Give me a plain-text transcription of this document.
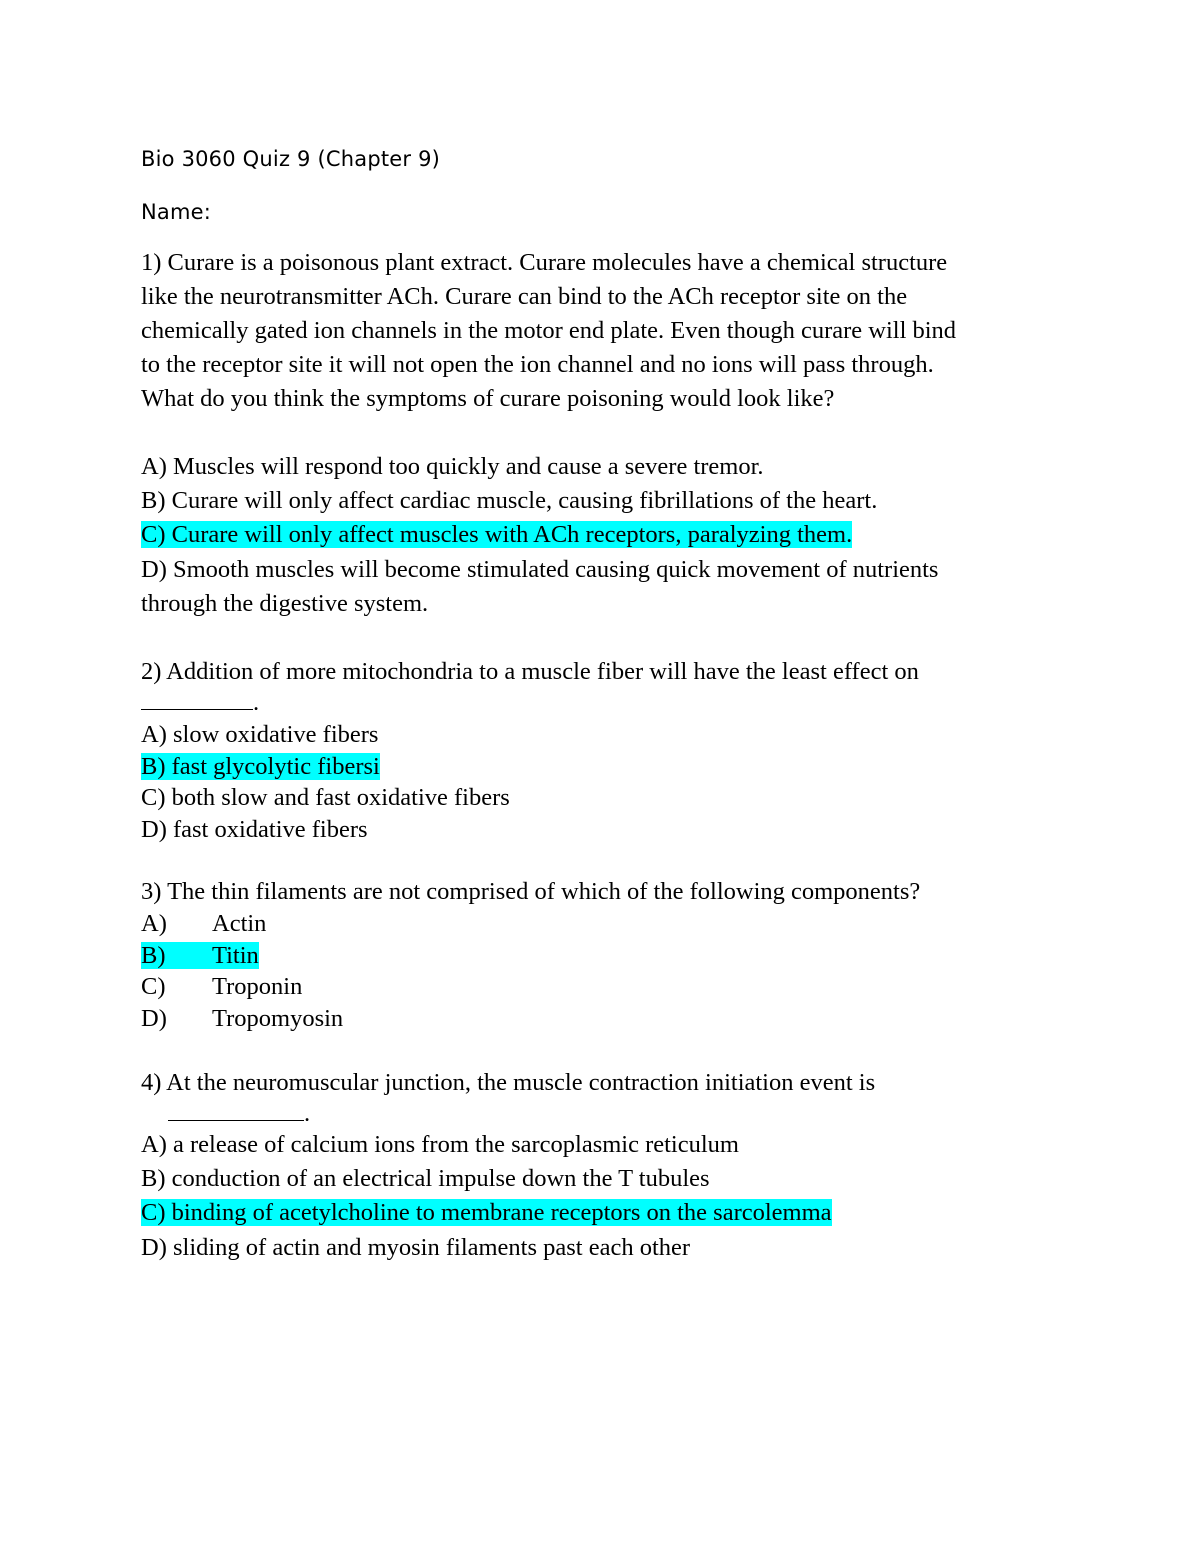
Bio 3060 Quiz 9 (Chapter 9)
Name:
1) Curare is a poisonous plant extract. Curare molecules have a chemical structure
like the neurotransmitter ACh. Curare can bind to the ACh receptor site on the
chemically gated ion channels in the motor end plate. Even though curare will bind
to the receptor site it will not open the ion channel and no ions will pass through.
What do you think the symptoms of curare poisoning would look like?
A) Muscles will respond too quickly and cause a severe tremor.
B) Curare will only affect cardiac muscle, causing fibrillations of the heart.
C) Curare will only affect muscles with ACh receptors, paralyzing them.
D) Smooth muscles will become stimulated causing quick movement of nutrients
through the digestive system.
2) Addition of more mitochondria to a muscle fiber will have the least effect on
.
A) slow oxidative fibers
B) fast glycolytic fibersi
C) both slow and fast oxidative fibers
D) fast oxidative fibers
3) The thin filaments are not comprised of which of the following components?
A) Actin
B) Titin
C) Troponin
D) Tropomyosin
4) At the neuromuscular junction, the muscle contraction initiation event is
.
A) a release of calcium ions from the sarcoplasmic reticulum
B) conduction of an electrical impulse down the T tubules
C) binding of acetylcholine to membrane receptors on the sarcolemma
D) sliding of actin and myosin filaments past each other
